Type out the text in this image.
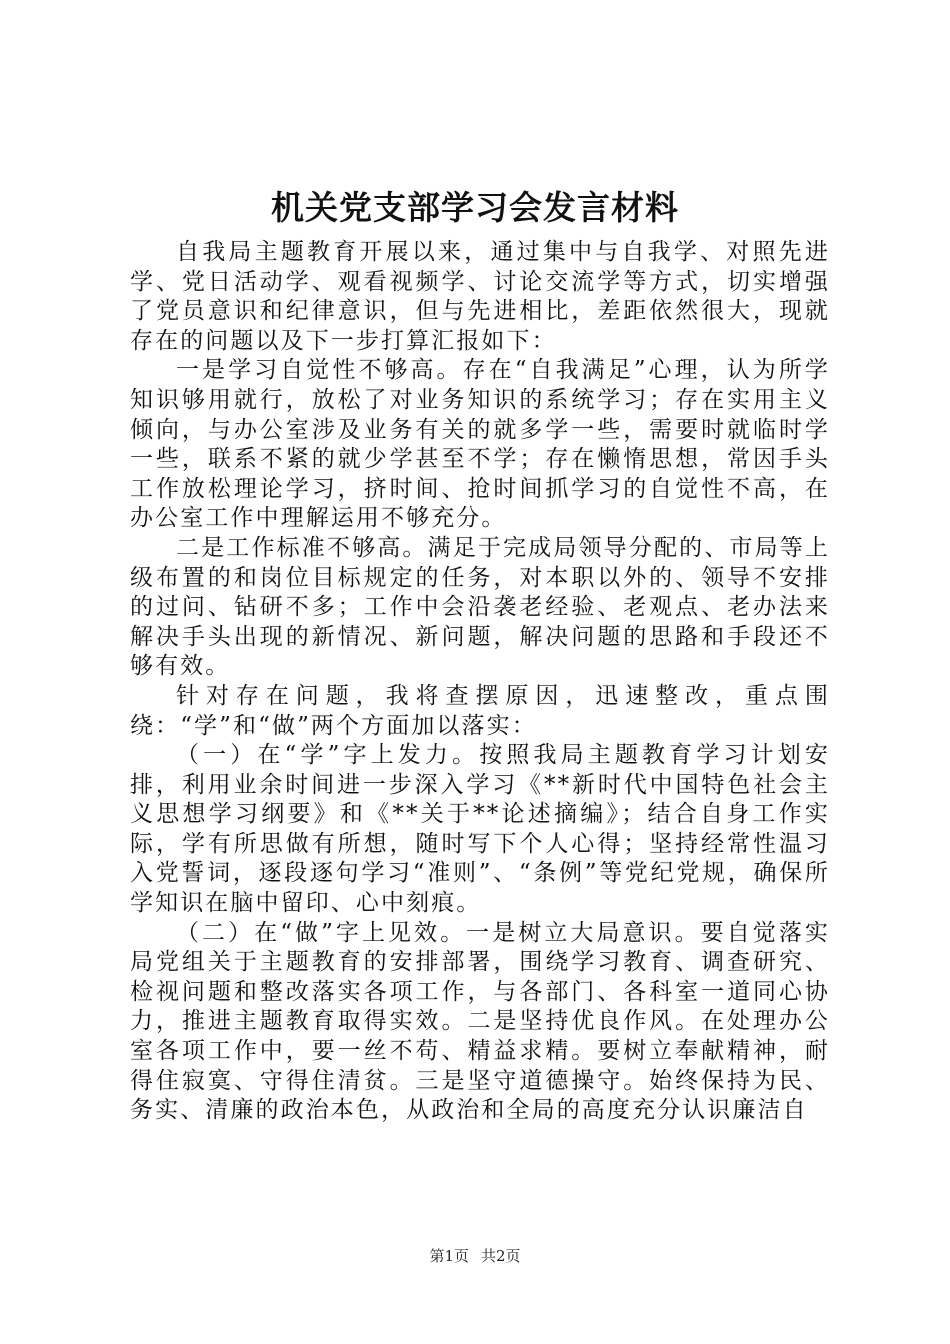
机关党支部学习会发言材料

自我局主题教育开展以来，通过集中与自我学、对照先进学、党日活动学、观看视频学、讨论交流学等方式，切实增强了党员意识和纪律意识，但与先进相比，差距依然很大，现就存在的问题以及下一步打算汇报如下：

一是学习自觉性不够高。存在“自我满足”心理，认为所学知识够用就行，放松了对业务知识的系统学习；存在实用主义倾向，与办公室涉及业务有关的就多学一些，需要时就临时学一些，联系不紧的就少学甚至不学；存在懒惰思想，常因手头工作放松理论学习，挤时间、抢时间抓学习的自觉性不高，在办公室工作中理解运用不够充分。

二是工作标准不够高。满足于完成局领导分配的、市局等上级布置的和岗位目标规定的任务，对本职以外的、领导不安排的过问、钻研不多；工作中会沿袭老经验、老观点、老办法来解决手头出现的新情况、新问题，解决问题的思路和手段还不够有效。

针对存在问题，我将查摆原因，迅速整改，重点围绕：“学”和“做”两个方面加以落实：

（一）在“学”字上发力。按照我局主题教育学习计划安排，利用业余时间进一步深入学习《**新时代中国特色社会主义思想学习纲要》和《**关于**论述摘编》；结合自身工作实际，学有所思做有所想，随时写下个人心得；坚持经常性温习入党誓词，逐段逐句学习“准则”、“条例”等党纪党规，确保所学知识在脑中留印、心中刻痕。

（二）在“做”字上见效。一是树立大局意识。要自觉落实局党组关于主题教育的安排部署，围绕学习教育、调查研究、检视问题和整改落实各项工作，与各部门、各科室一道同心协力，推进主题教育取得实效。二是坚持优良作风。在处理办公室各项工作中，要一丝不苟、精益求精。要树立奉献精神，耐得住寂寞、守得住清贫。三是坚守道德操守。始终保持为民、务实、清廉的政治本色，从政治和全局的高度充分认识廉洁自

第1页 共2页
